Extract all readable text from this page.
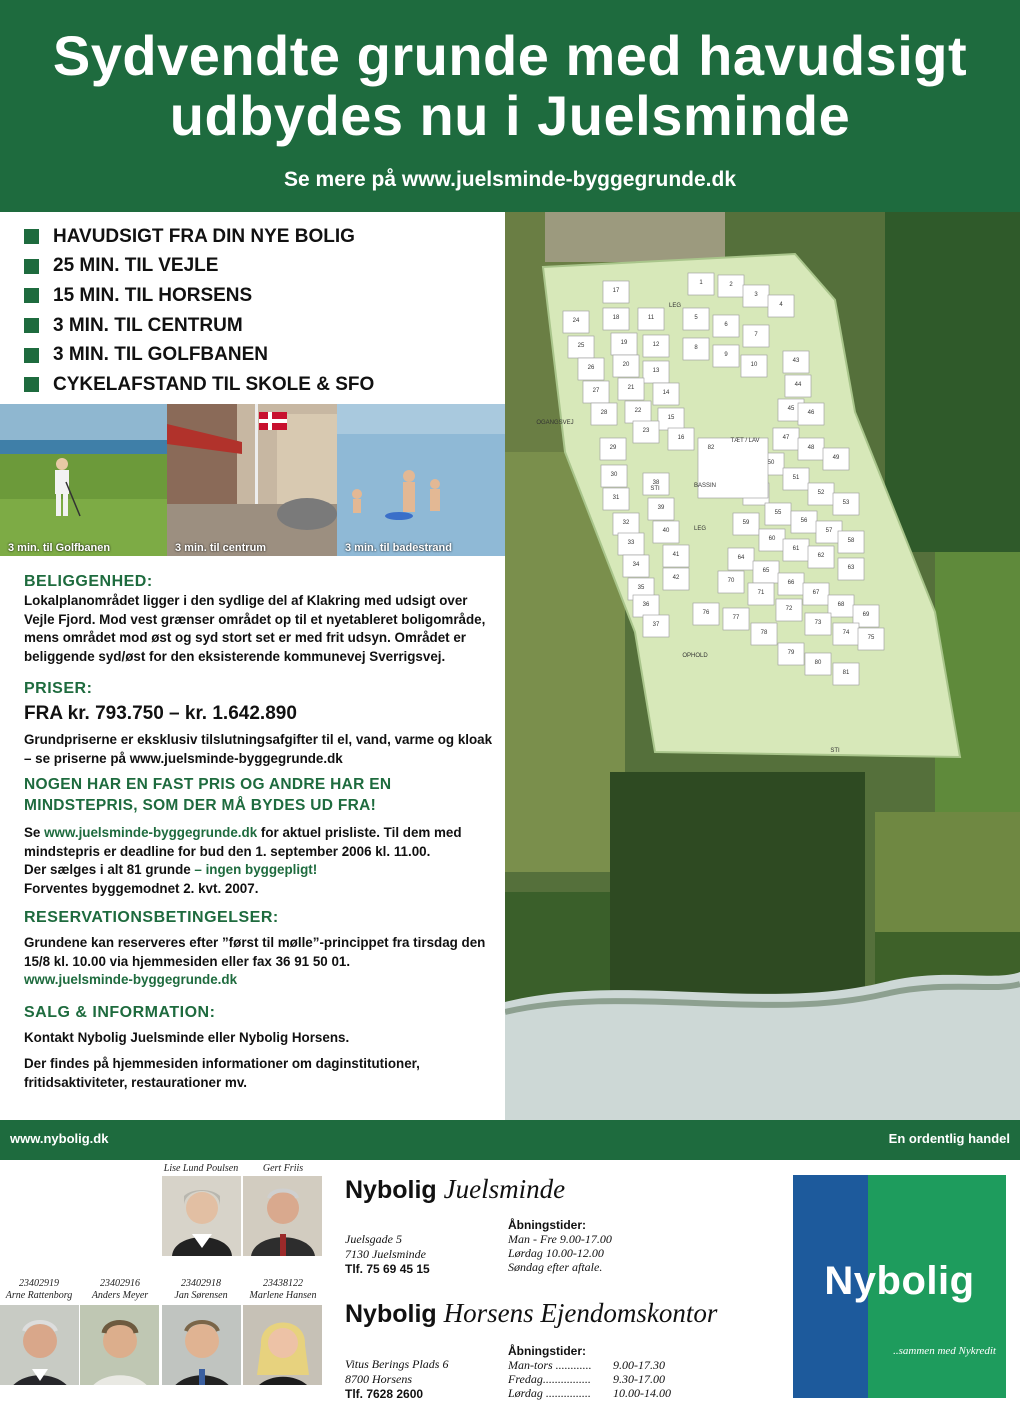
Sydvendte grunde med havudsigt
udbydes nu i Juelsminde
Se mere på www.juelsminde-byggegrunde.dk
HAVUDSIGT FRA DIN NYE BOLIG
25 MIN. TIL VEJLE
15 MIN. TIL HORSENS
3 MIN. TIL CENTRUM
3 MIN. TIL GOLFBANEN
CYKELAFSTAND TIL SKOLE & SFO
3 min. til Golfbanen	3 min. til centrum	3 min. til badestrand
BELIGGENHED:

Lokalplanområdet ligger i den sydlige del af Klakring med udsigt over Vejle Fjord. Mod vest grænser området op til et nyetableret boligområde, mens området mod øst og syd stort set er med frit udsyn. Området er beliggende syd/øst for den eksisterende kommunevej Sverrigsvej.

PRISER:

FRA kr. 793.750 – kr. 1.642.890

Grundpriserne er eksklusiv tilslutningsafgifter til el, vand, varme og kloak – se priserne på www.juelsminde-byggegrunde.dk

NOGEN HAR EN FAST PRIS OG ANDRE HAR EN MINDSTEPRIS, SOM DER MÅ BYDES UD FRA!

Se www.juelsminde-byggegrunde.dk for aktuel prisliste. Til dem med mindstepris er deadline for bud den 1. september 2006 kl. 11.00.

Der sælges i alt 81 grunde – ingen byggepligt!

Forventes byggemodnet 2. kvt. 2007.

RESERVATIONSBETINGELSER:

Grundene kan reserveres efter ”først til mølle”-princippet fra tirsdag den 15/8 kl. 10.00 via hjemmesiden eller fax 36 91 50 01.

www.juelsminde-byggegrunde.dk

SALG & INFORMATION:

Kontakt Nybolig Juelsminde eller Nybolig Horsens.

Der findes på hjemmesiden informationer om daginstitutioner, fritidsaktiviteter, restaurationer mv.

1	2
3
4
5
6
7
8
9
10
11
12
13
14
15
16
17
18
19
20
21
22
23
24
25
26
27
28
29
30
31
32
33
34
35
36
37
38
39
40
41
42
43
44
45
46
47
48
49
50
51
52
53
55
56
57
58
59
60
61
62
63
64
65
66
67
68
69
70
71
72
73
74
75
76
77
78
79
80
81
82
TÆT / LAV
BASSIN
LEG
LEG
OPHOLD
STI
STI
OGANGSVEJ
www.nybolig.dk	En ordentlig handel
Lise Lund Poulsen	Gert Friis
23402919
Arne Rattenborg
23402916
Anders Meyer
23402918
Jan Sørensen
23438122
Marlene Hansen
Nybolig Juelsminde
Juelsgade 5
7130 Juelsminde
Tlf. 75 69 45 15
Åbningstider:
Man - Fre 9.00-17.00
Lørdag 10.00-12.00
Søndag efter aftale.
Nybolig Horsens Ejendomskontor
Vitus Berings Plads 6
8700 Horsens
Tlf. 7628 2600
Åbningstider:
Man-tors ............	9.00-17.30
Fredag................	9.30-17.00
Lørdag ...............	10.00-14.00
Nybolig
..sammen med Nykredit
